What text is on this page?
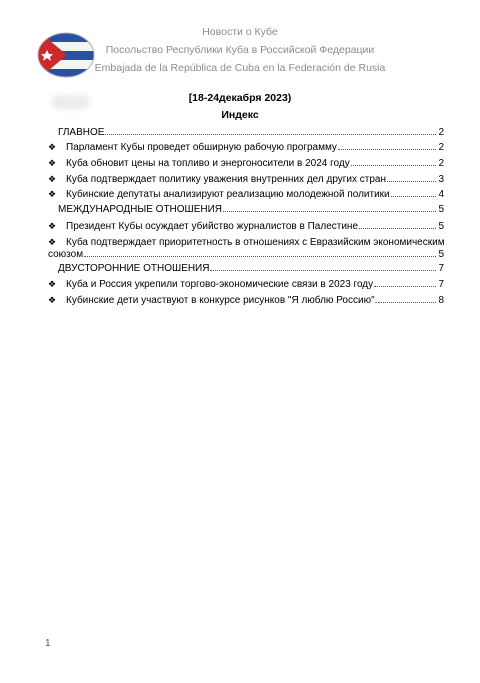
Новости о Кубе
Посольство Республики Куба в Российской Федерации
Embajada de la República de Cuba en la Federación de Rusia
[18-24декабря 2023)
Индекс
ГЛАВНОЕ	2
❖ Парламент Кубы проведет обширную рабочую программу	2
❖ Куба обновит цены на топливо и энергоносители в 2024 году	2
❖ Куба подтверждает политику уважения внутренних дел других стран	3
❖ Кубинские депутаты анализируют реализацию молодежной политики	4
МЕЖДУНАРОДНЫЕ ОТНОШЕНИЯ	5
❖ Президент Кубы осуждает убийство журналистов в Палестине	5
❖ Куба подтверждает приоритетность в отношениях с Евразийским экономическим
союзом	5
ДВУСТОРОННИЕ ОТНОШЕНИЯ	7
❖ Куба и Россия укрепили торгово-экономические связи в 2023 году	7
❖ Кубинские дети участвуют в конкурсе рисунков "Я люблю Россию".	8
1
